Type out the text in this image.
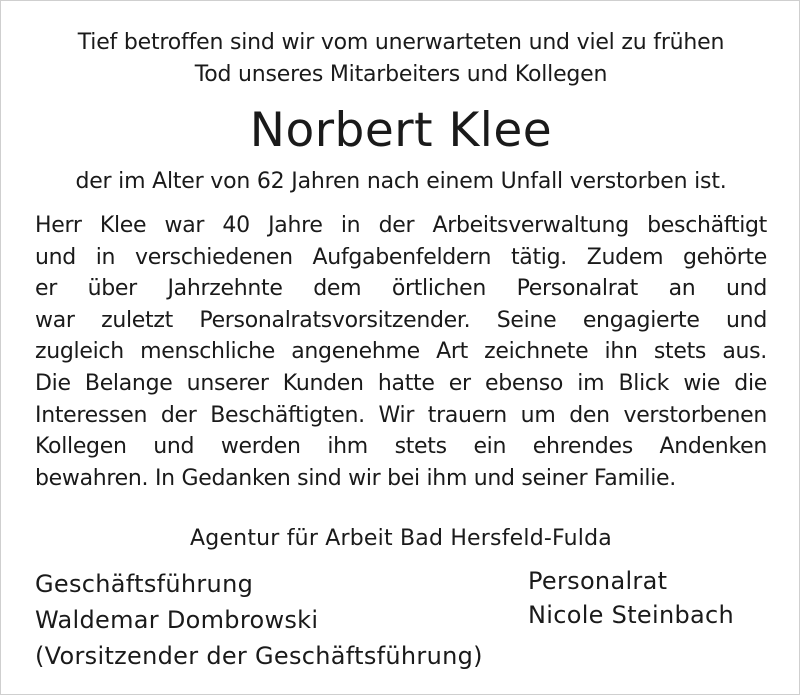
Tief betroffen sind wir vom unerwarteten und viel zu frühen
Tod unseres Mitarbeiters und Kollegen
Norbert Klee
der im Alter von 62 Jahren nach einem Unfall verstorben ist.
Herr Klee war 40 Jahre in der Arbeitsverwaltung beschäftigt
und in verschiedenen Aufgabenfeldern tätig. Zudem gehörte
er über Jahrzehnte dem örtlichen Personalrat an und
war zuletzt Personalratsvorsitzender. Seine engagierte und
zugleich menschliche angenehme Art zeichnete ihn stets aus.
Die Belange unserer Kunden hatte er ebenso im Blick wie die
Interessen der Beschäftigten. Wir trauern um den verstorbenen
Kollegen und werden ihm stets ein ehrendes Andenken
bewahren. In Gedanken sind wir bei ihm und seiner Familie.
Agentur für Arbeit Bad Hersfeld-Fulda
Geschäftsführung
Waldemar Dombrowski
(Vorsitzender der Geschäftsführung)
Personalrat
Nicole Steinbach
